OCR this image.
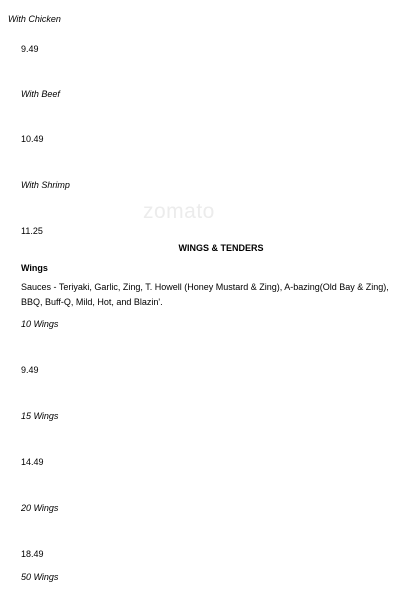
zomato
With Chicken
9.49
With Beef
10.49
With Shrimp
11.25
WINGS & TENDERS
Wings

Sauces - Teriyaki, Garlic, Zing, T. Howell (Honey Mustard & Zing), A-bazing(Old Bay & Zing), BBQ, Buff-Q, Mild, Hot, and Blazin'.

10 Wings
9.49
15 Wings
14.49
20 Wings
18.49
50 Wings
